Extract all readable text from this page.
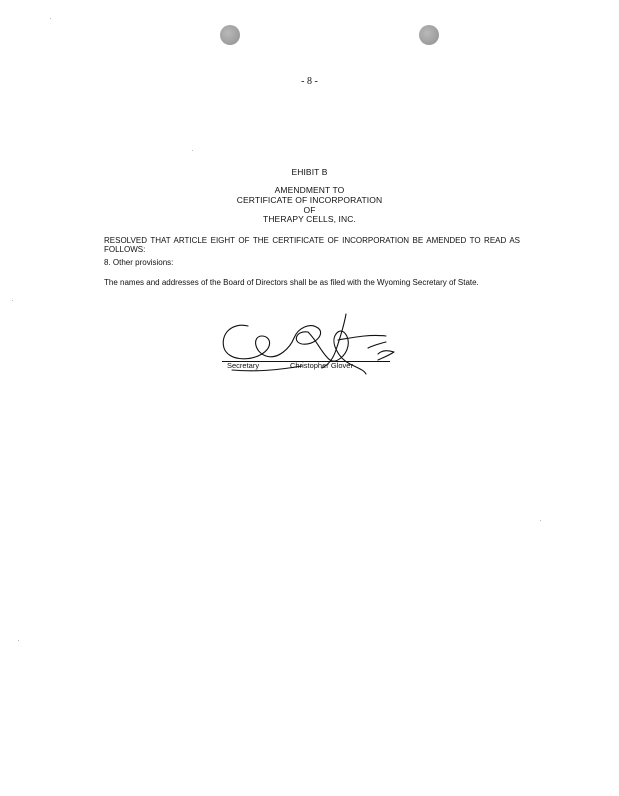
- 8 -
EHIBIT B
AMENDMENT TO
CERTIFICATE OF INCORPORATION
OF
THERAPY CELLS, INC.
RESOLVED THAT ARTICLE EIGHT OF THE CERTIFICATE OF INCORPORATION BE AMENDED TO READ AS FOLLOWS:
8. Other provisions:
The names and addresses of the Board of Directors shall be as filed with the Wyoming Secretary of State.
Secretary	Christopher Glover
